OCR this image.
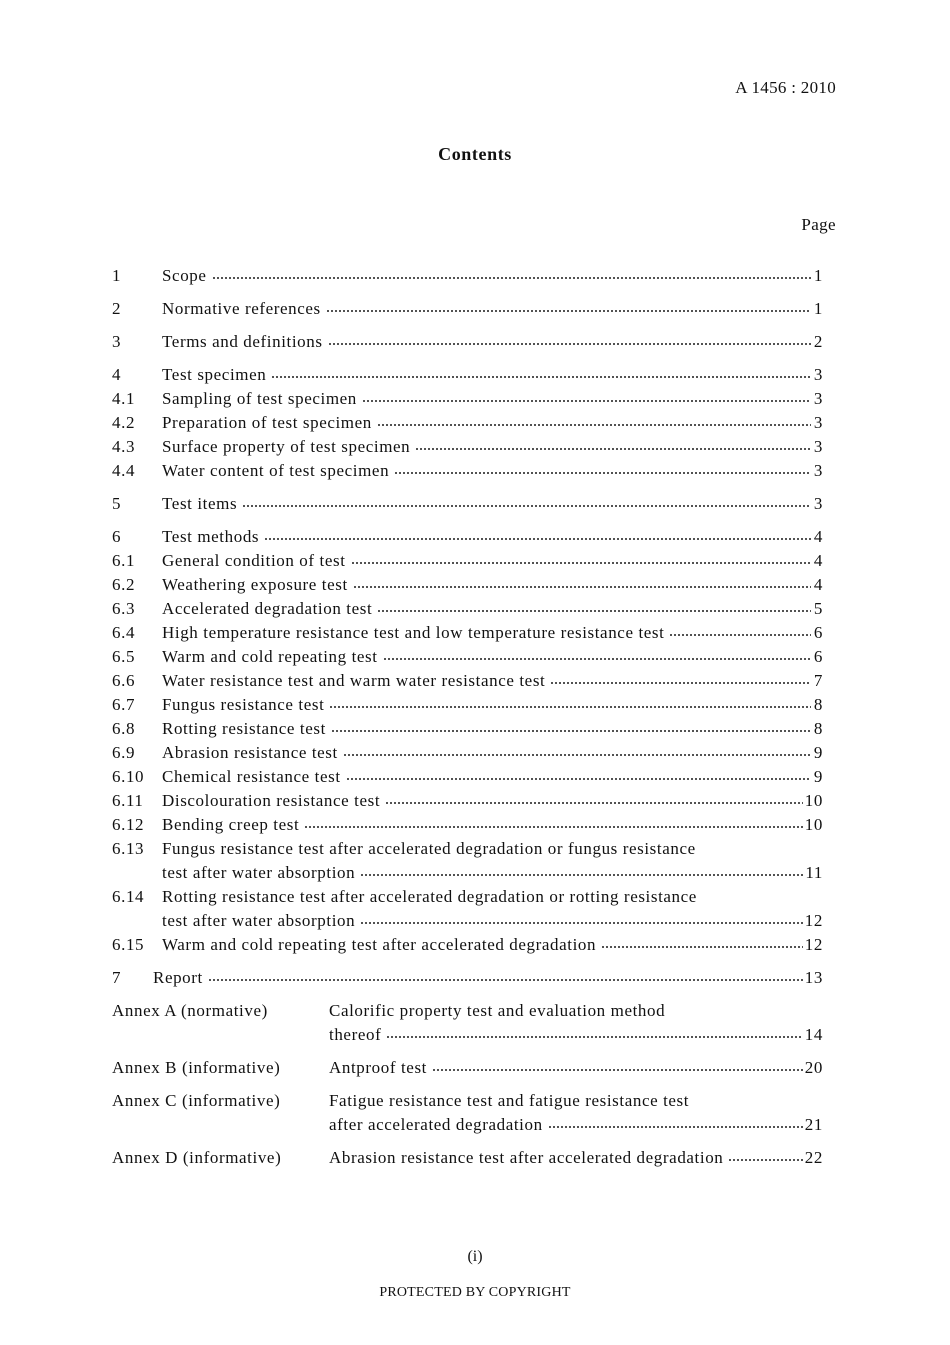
A 1456 : 2010
Contents
Page
1	Scope	1
2	Normative references	1
3	Terms and definitions	2
4	Test specimen	3
4.1	Sampling of test specimen	3
4.2	Preparation of test specimen	3
4.3	Surface property of test specimen	3
4.4	Water content of test specimen	3
5	Test items	3
6	Test methods	4
6.1	General condition of test	4
6.2	Weathering exposure test	4
6.3	Accelerated degradation test	5
6.4	High temperature resistance test and low temperature resistance test	6
6.5	Warm and cold repeating test	6
6.6	Water resistance test and warm water resistance test	7
6.7	Fungus resistance test	8
6.8	Rotting resistance test	8
6.9	Abrasion resistance test	9
6.10	Chemical resistance test	9
6.11	Discolouration resistance test	10
6.12	Bending creep test	10
6.13	Fungus resistance test after accelerated degradation or fungus resistance
test after water absorption	11
6.14	Rotting resistance test after accelerated degradation or rotting resistance
test after water absorption	12
6.15	Warm and cold repeating test after accelerated degradation	12
7	Report	13
Annex A (normative)	Calorific property test and evaluation method
thereof	14
Annex B (informative)	Antproof test	20
Annex C (informative)	Fatigue resistance test and fatigue resistance test
after accelerated degradation	21
Annex D (informative)	Abrasion resistance test after accelerated degradation	22
(i)
PROTECTED BY COPYRIGHT
